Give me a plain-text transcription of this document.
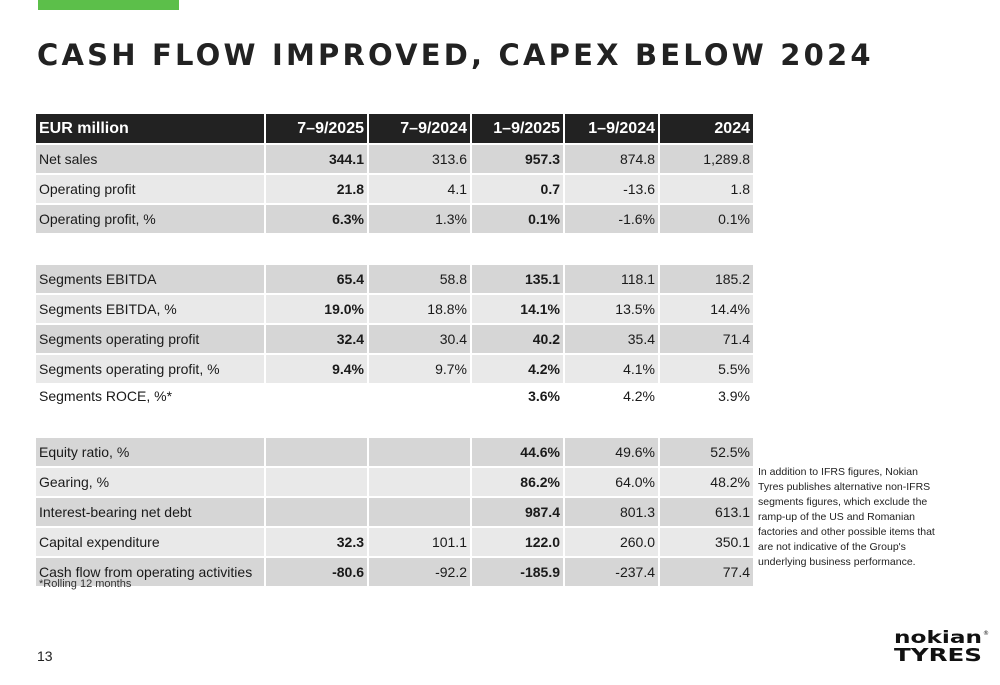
CASH FLOW IMPROVED, CAPEX BELOW 2024
EUR million	7–9/2025	7–9/2024	1–9/2025	1–9/2024	2024
Net sales	344.1	313.6	957.3	874.8	1,289.8
Operating profit	21.8	4.1	0.7	-13.6	1.8
Operating profit, %	6.3%	1.3%	0.1%	-1.6%	0.1%

Segments EBITDA	65.4	58.8	135.1	118.1	185.2
Segments EBITDA, %	19.0%	18.8%	14.1%	13.5%	14.4%
Segments operating profit	32.4	30.4	40.2	35.4	71.4
Segments operating profit, %	9.4%	9.7%	4.2%	4.1%	5.5%
Segments ROCE, %*			3.6%	4.2%	3.9%

Equity ratio, %			44.6%	49.6%	52.5%
Gearing, %			86.2%	64.0%	48.2%
Interest-bearing net debt			987.4	801.3	613.1
Capital expenditure	32.3	101.1	122.0	260.0	350.1
Cash flow from operating activities	-80.6	-92.2	-185.9	-237.4	77.4
*Rolling 12 months
In addition to IFRS figures, Nokian Tyres publishes alternative non-IFRS segments figures, which exclude the ramp-up of the US and Romanian factories and other possible items that are not indicative of the Group's underlying business performance.
13
nokian ®
TYRES
